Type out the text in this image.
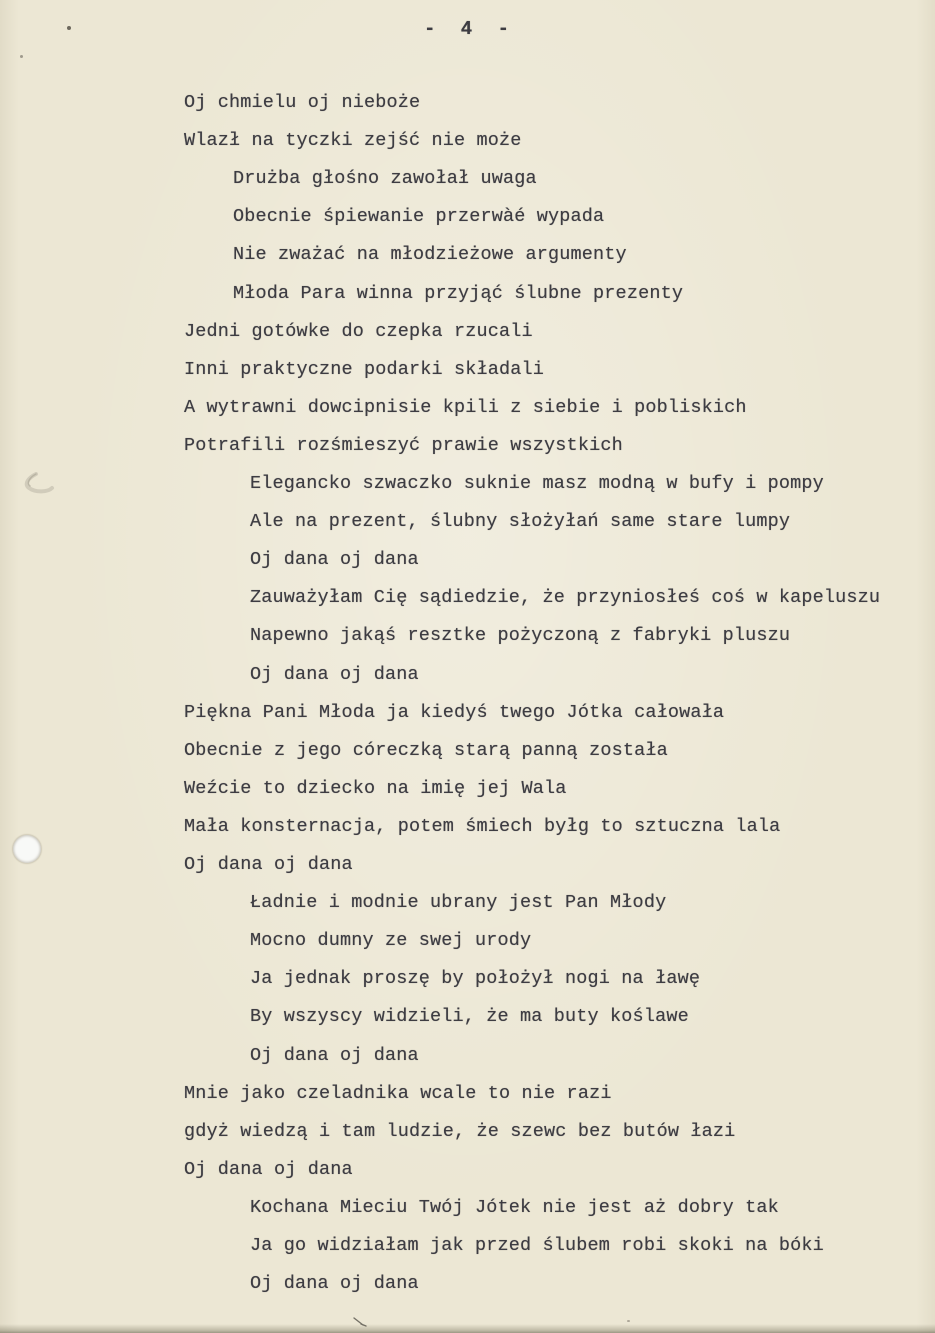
- 4 -
Oj chmielu oj nieboże
Wlazł na tyczki zejść nie może
Drużba głośno zawołał uwaga
Obecnie śpiewanie przerwàé wypada
Nie zważać na młodzieżowe argumenty
Młoda Para winna przyjąć ślubne prezenty
Jedni gotówke do czepka rzucali
Inni praktyczne podarki składali
A wytrawni dowcipnisie kpili z siebie i pobliskich
Potrafili rozśmieszyć prawie wszystkich
Elegancko szwaczko suknie masz modną w bufy i pompy
Ale na prezent, ślubny słożyłań same stare lumpy
Oj dana oj dana
Zauważyłam Cię sądiedzie, że przyniosłeś coś w kapeluszu
Napewno jakąś resztke pożyczoną z fabryki pluszu
Oj dana oj dana
Piękna Pani Młoda ja kiedyś twego Jótka całowała
Obecnie z jego córeczką starą panną została
Weźcie to dziecko na imię jej Wala
Mała konsternacja, potem śmiech byłg to sztuczna lala
Oj dana oj dana
Ładnie i modnie ubrany jest Pan Młody
Mocno dumny ze swej urody
Ja jednak proszę by położył nogi na ławę
By wszyscy widzieli, że ma buty koślawe
Oj dana oj dana
Mnie jako czeladnika wcale to nie razi
gdyż wiedzą i tam ludzie, że szewc bez butów łazi
Oj dana oj dana
Kochana Mieciu Twój Jótek nie jest aż dobry tak
Ja go widziałam jak przed ślubem robi skoki na bóki
Oj dana oj dana
